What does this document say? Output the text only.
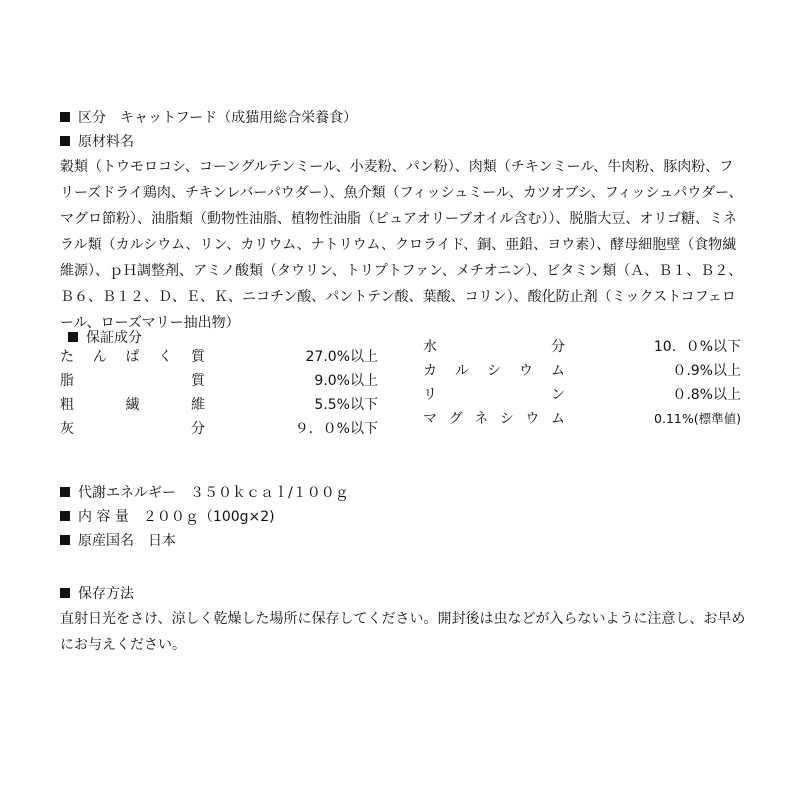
区分 キャットフード（成猫用総合栄養食）

原材料名

穀類（トウモロコシ、コーングルテンミール、小麦粉、パン粉）、肉類（チキンミール、牛肉粉、豚肉粉、フリーズドライ鶏肉、チキンレバーパウダー）、魚介類（フィッシュミール、カツオブシ、フィッシュパウダー、マグロ節粉）、油脂類（動物性油脂、植物性油脂（ピュアオリーブオイル含む））、脱脂大豆、オリゴ糖、ミネラル類（カルシウム、リン、カリウム、ナトリウム、クロライド、銅、亜鉛、ヨウ素）、酵母細胞壁（食物繊維源）、ｐＨ調整剤、アミノ酸類（タウリン、トリプトファン、メチオニン）、ビタミン類（Ａ、Ｂ１、Ｂ２、Ｂ６、Ｂ１２、Ｄ、Ｅ、Ｋ、ニコチン酸、パントテン酸、葉酸、コリン）、酸化防止剤（ミックストコフェロール、ローズマリー抽出物）

保証成分

た ん ぱ く 質	27.0%以上
脂	質	9.0%以上
粗	繊	維	5.5%以下
灰	分	９．０%以下
水	分	10．０%以下
カ ル シ ウ ム	０.9%以上
リ	ン	０.8%以上
マ グ ネ シ ウ ム	0.11%(標準値)

代謝エネルギー ３５０ｋｃａｌ/１００ｇ

内 容 量 ２００ｇ（100g×2)

原産国名 日本

保存方法

直射日光をさけ、涼しく乾燥した場所に保存してください。開封後は虫などが入らないように注意し、お早めにお与えください。
